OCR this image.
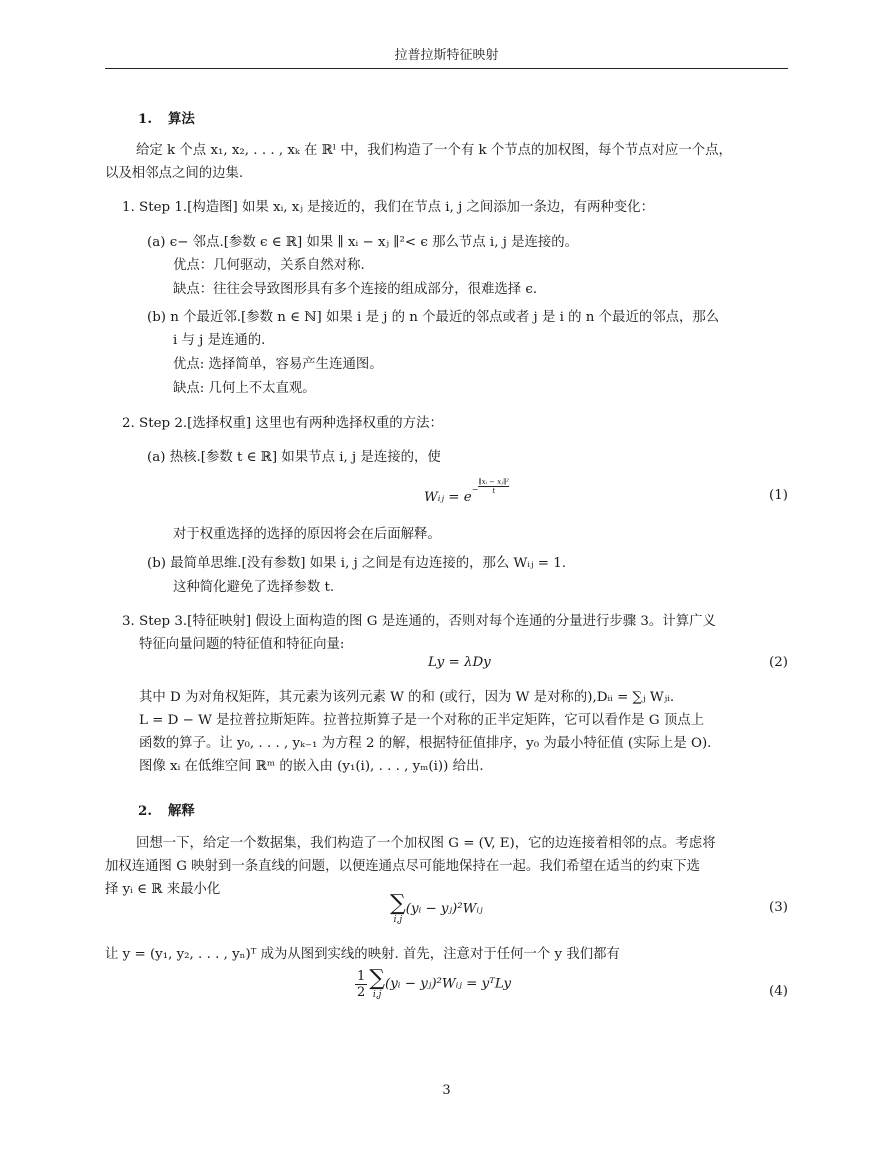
拉普拉斯特征映射
1. 算法
给定 k 个点 x₁, x₂, . . . , xₖ 在 ℝˡ 中，我们构造了一个有 k 个节点的加权图，每个节点对应一个点，
以及相邻点之间的边集.
1. Step 1.[构造图] 如果 xᵢ, xⱼ 是接近的，我们在节点 i, j 之间添加一条边，有两种变化：
(a) ϵ− 邻点.[参数 ϵ ∈ ℝ] 如果 ∥ xᵢ − xⱼ ∥²< ϵ 那么节点 i, j 是连接的。
优点：几何驱动，关系自然对称.
缺点：往往会导致图形具有多个连接的组成部分，很难选择 ϵ.
(b) n 个最近邻.[参数 n ∈ ℕ] 如果 i 是 j 的 n 个最近的邻点或者 j 是 i 的 n 个最近的邻点，那么
i 与 j 是连通的.
优点: 选择简单，容易产生连通图。
缺点: 几何上不太直观。
2. Step 2.[选择权重] 这里也有两种选择权重的方法：
(a) 热核.[参数 t ∈ ℝ] 如果节点 i, j 是连接的，使
Wᵢⱼ = $e^- \frac{\text{∥xᵢ − xⱼ∥²}}{t}$
(1)
对于权重选择的选择的原因将会在后面解释。
(b) 最简单思维.[没有参数] 如果 i, j 之间是有边连接的，那么 Wᵢⱼ = 1.
这种简化避免了选择参数 t.
3. Step 3.[特征映射] 假设上面构造的图 G 是连通的，否则对每个连通的分量进行步骤 3。计算广义
特征向量问题的特征值和特征向量:
Ly = λDy	(2)
其中 D 为对角权矩阵，其元素为该列元素 W 的和 (或行，因为 W 是对称的),Dᵢᵢ = ∑ⱼ Wⱼᵢ.
L = D − W 是拉普拉斯矩阵。拉普拉斯算子是一个对称的正半定矩阵，它可以看作是 G 顶点上
函数的算子。让 y₀, . . . , yₖ₋₁ 为方程 2 的解，根据特征值排序，y₀ 为最小特征值 (实际上是 O).
图像 xᵢ 在低维空间 ℝᵐ 的嵌入由 (y₁(i), . . . , yₘ(i)) 给出.
2. 解释
回想一下，给定一个数据集，我们构造了一个加权图 G = (V, E)，它的边连接着相邻的点。考虑将
加权连通图 G 映射到一条直线的问题，以便连通点尽可能地保持在一起。我们希望在适当的约束下选
择 yᵢ ∈ ℝ 来最小化
∑
i,j
(yᵢ − yⱼ)²Wᵢⱼ	(3)
让 y = (y₁, y₂, . . . , yₙ)ᵀ 成为从图到实线的映射. 首先，注意对于任何一个 y 我们都有
$\frac{1}{2}$ ∑
i,j
(yᵢ − yⱼ)²Wᵢⱼ = yᵀLy	(4)
3
